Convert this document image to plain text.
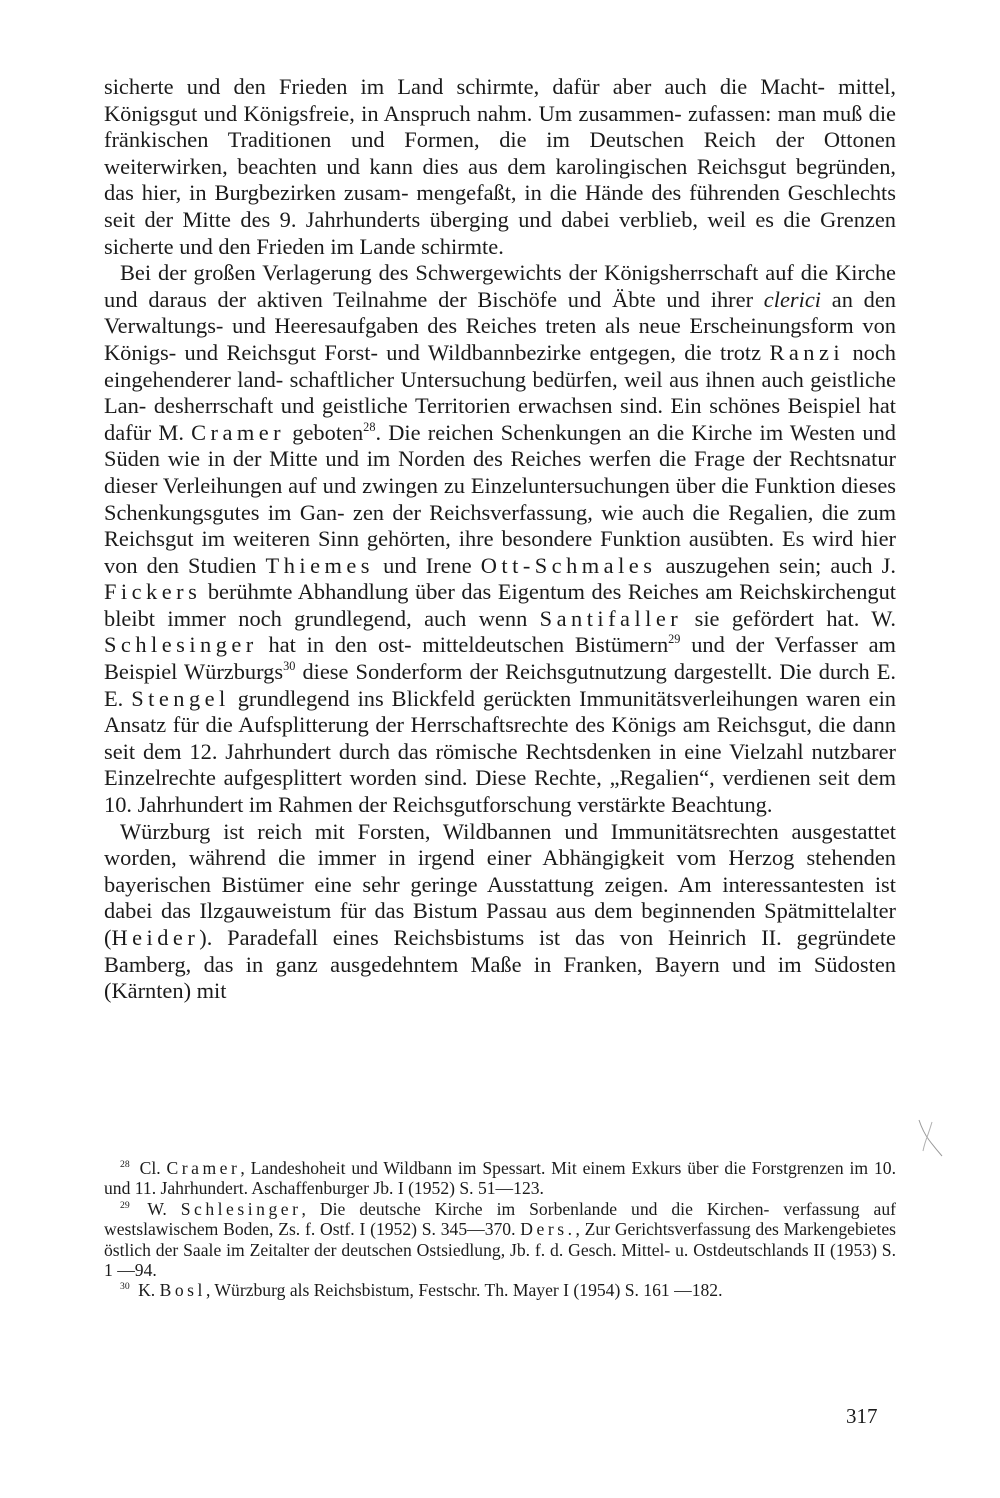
sicherte und den Frieden im Land schirmte, dafür aber auch die Macht- mittel, Königsgut und Königsfreie, in Anspruch nahm. Um zusammen- zufassen: man muß die fränkischen Traditionen und Formen, die im Deutschen Reich der Ottonen weiterwirken, beachten und kann dies aus dem karolingischen Reichsgut begründen, das hier, in Burgbezirken zusam- mengefaßt, in die Hände des führenden Geschlechts seit der Mitte des 9. Jahrhunderts überging und dabei verblieb, weil es die Grenzen sicherte und den Frieden im Lande schirmte.

Bei der großen Verlagerung des Schwergewichts der Königsherrschaft auf die Kirche und daraus der aktiven Teilnahme der Bischöfe und Äbte und ihrer clerici an den Verwaltungs- und Heeresaufgaben des Reiches treten als neue Erscheinungsform von Königs- und Reichsgut Forst- und Wildbannbezirke entgegen, die trotz Ranzi noch eingehenderer land- schaftlicher Untersuchung bedürfen, weil aus ihnen auch geistliche Lan- desherrschaft und geistliche Territorien erwachsen sind. Ein schönes Beispiel hat dafür M. Cramer geboten$^{28}$. Die reichen Schenkungen an die Kirche im Westen und Süden wie in der Mitte und im Norden des Reiches werfen die Frage der Rechtsnatur dieser Verleihungen auf und zwingen zu Einzeluntersuchungen über die Funktion dieses Schenkungsgutes im Gan- zen der Reichsverfassung, wie auch die Regalien, die zum Reichsgut im weiteren Sinn gehörten, ihre besondere Funktion ausübten. Es wird hier von den Studien Thiemes und Irene Ott-Schmales auszugehen sein; auch J. Fickers berühmte Abhandlung über das Eigentum des Reiches am Reichskirchengut bleibt immer noch grundlegend, auch wenn Santifaller sie gefördert hat. W. Schlesinger hat in den ost- mitteldeutschen Bistümern$^{29}$ und der Verfasser am Beispiel Würzburgs$^{30}$ diese Sonderform der Reichsgutnutzung dargestellt. Die durch E. E. Stengel grundlegend ins Blickfeld gerückten Immunitätsverleihungen waren ein Ansatz für die Aufsplitterung der Herrschaftsrechte des Königs am Reichsgut, die dann seit dem 12. Jahrhundert durch das römische Rechtsdenken in eine Vielzahl nutzbarer Einzelrechte aufgesplittert worden sind. Diese Rechte, „Regalien“, verdienen seit dem 10. Jahrhundert im Rahmen der Reichsgutforschung verstärkte Beachtung.

Würzburg ist reich mit Forsten, Wildbannen und Immunitätsrechten ausgestattet worden, während die immer in irgend einer Abhängigkeit vom Herzog stehenden bayerischen Bistümer eine sehr geringe Ausstattung zeigen. Am interessantesten ist dabei das Ilzgauweistum für das Bistum Passau aus dem beginnenden Spätmittelalter (Heider). Paradefall eines Reichsbistums ist das von Heinrich II. gegründete Bamberg, das in ganz ausgedehntem Maße in Franken, Bayern und im Südosten (Kärnten) mit

$^{28}$ Cl. Cramer, Landeshoheit und Wildbann im Spessart. Mit einem Exkurs über die Forstgrenzen im 10. und 11. Jahrhundert. Aschaffenburger Jb. I (1952) S. 51—123.

$^{29}$ W. Schlesinger, Die deutsche Kirche im Sorbenlande und die Kirchen- verfassung auf westslawischem Boden, Zs. f. Ostf. I (1952) S. 345—370. Ders., Zur Gerichtsverfassung des Markengebietes östlich der Saale im Zeitalter der deutschen Ostsiedlung, Jb. f. d. Gesch. Mittel- u. Ostdeutschlands II (1953) S. 1 —94.

$^{30}$ K. Bosl, Würzburg als Reichsbistum, Festschr. Th. Mayer I (1954) S. 161 —182.

317
